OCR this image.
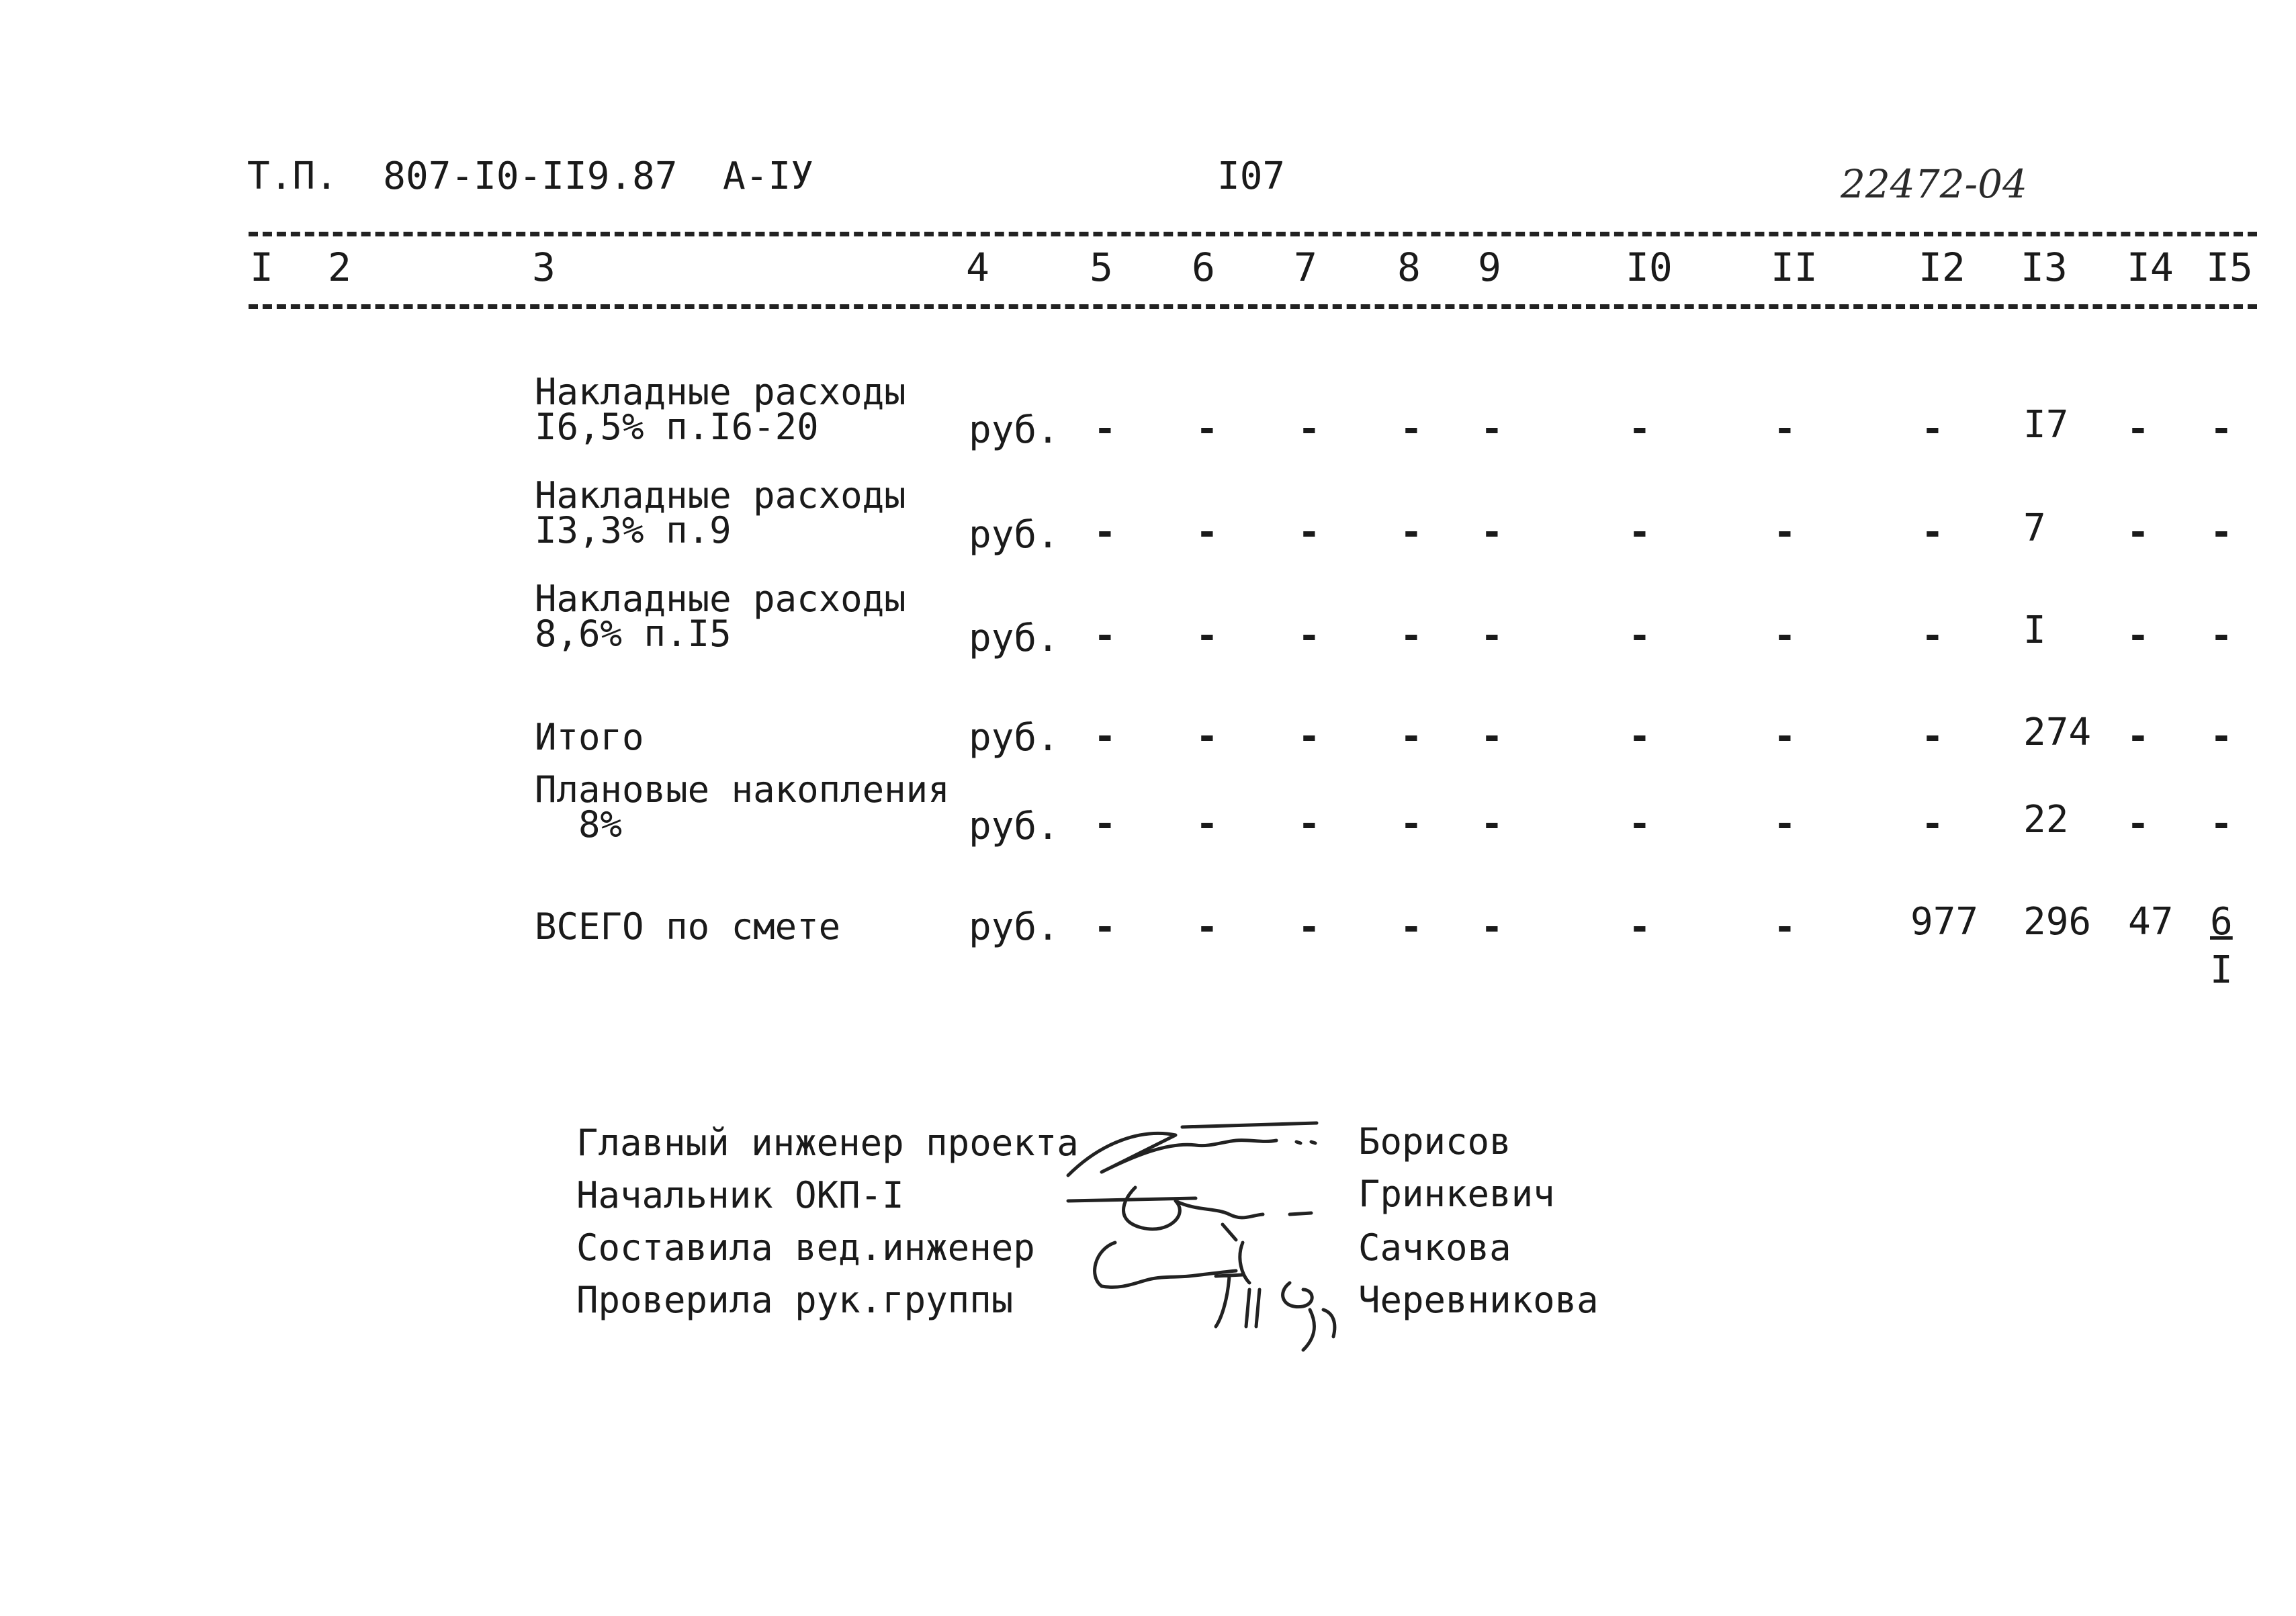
Т.П.  807-I0-II9.87  А-IУ	I07	22472-04
I 2	3	4	5 6 7 8 9	I0	II	I2 I3 I4 I5
Накладные расходы
I6,5% п.I6-20	руб. - - - - -	-	-	- I7 - -
Накладные расходы
I3,3% п.9	руб. - - - - -	-	-	- 7 - -
Накладные расходы
8,6% п.I5	руб. - - - - -	-	-	- I - -
Итого	руб. - - - - -	-	-	- 274 - -
Плановые накопления
8%	руб. - - - - -	-	-	- 22 - -
ВСЕГО по смете	руб. - - - - -	-	-	977 296 47 6
I
Главный инженер проекта	Борисов
Начальник ОКП-I	Гринкевич
Составила вед.инженер	Сачкова
Проверила рук.группы	Черевникова
